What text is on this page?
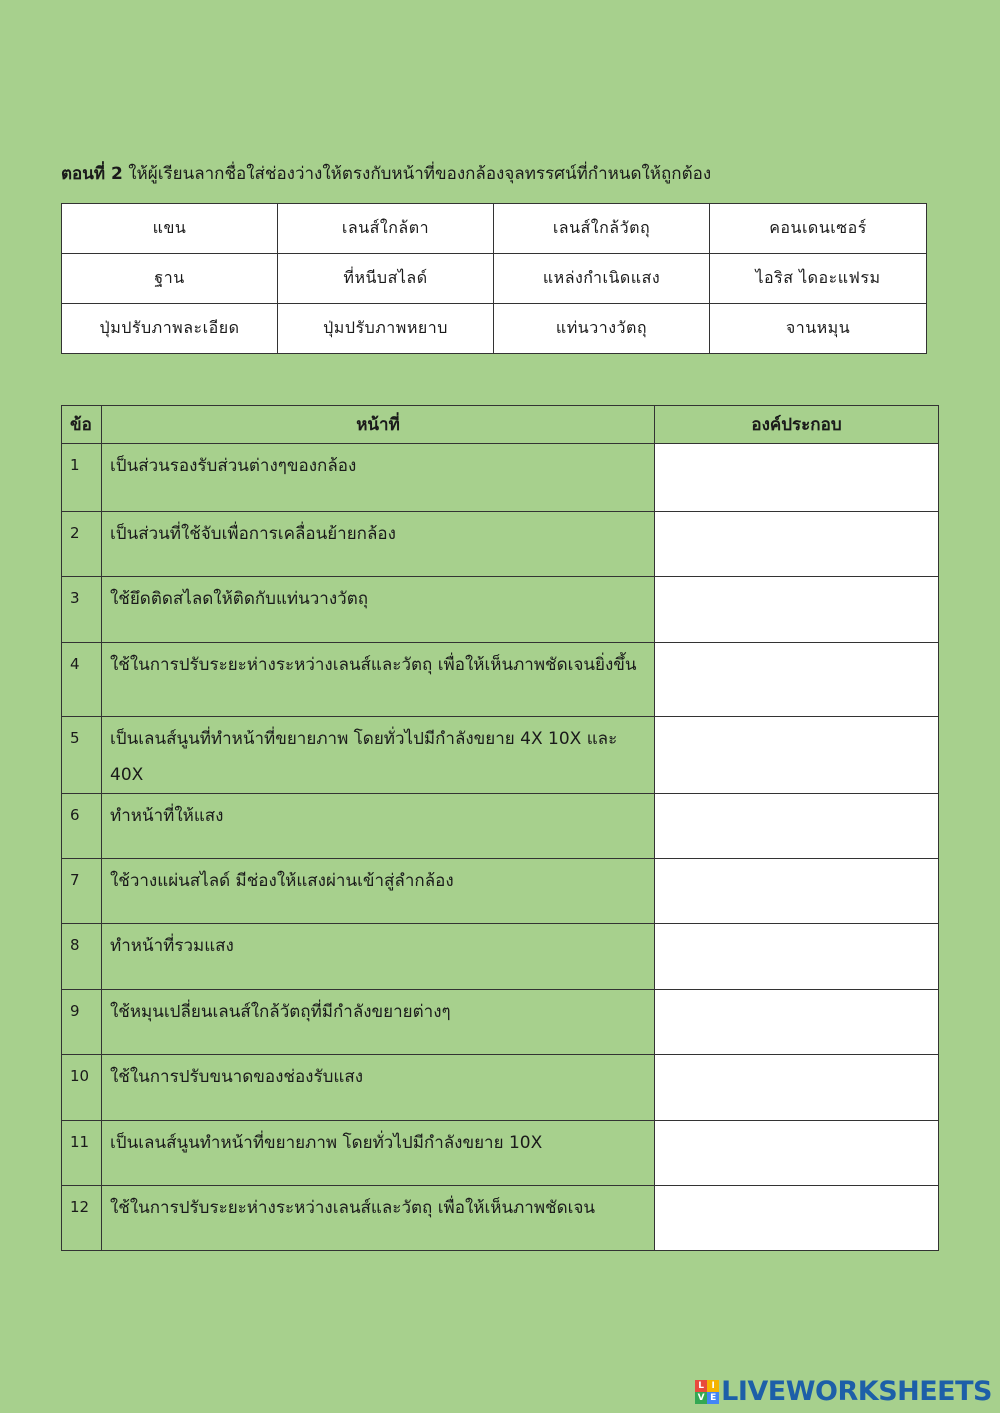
ตอนที่ 2 ให้ผู้เรียนลากชื่อใส่ช่องว่างให้ตรงกับหน้าที่ของกล้องจุลทรรศน์ที่กำหนดให้ถูกต้อง
แขน	เลนส์ใกล้ตา	เลนส์ใกล้วัตถุ	คอนเดนเซอร์
ฐาน	ที่หนีบสไลด์	แหล่งกำเนิดแสง	ไอริส ไดอะแฟรม
ปุ่มปรับภาพละเอียด	ปุ่มปรับภาพหยาบ	แท่นวางวัตถุ	จานหมุน
ข้อ	หน้าที่	องค์ประกอบ
1	เป็นส่วนรองรับส่วนต่างๆของกล้อง	
2	เป็นส่วนที่ใช้จับเพื่อการเคลื่อนย้ายกล้อง	
3	ใช้ยึดติดสไลดให้ติดกับแท่นวางวัตถุ	
4	ใช้ในการปรับระยะห่างระหว่างเลนส์และวัตถุ เพื่อให้เห็นภาพชัดเจนยิ่งขึ้น	
5	เป็นเลนส์นูนที่ทำหน้าที่ขยายภาพ โดยทั่วไปมีกำลังขยาย 4X 10X และ 40X	
6	ทำหน้าที่ให้แสง	
7	ใช้วางแผ่นสไลด์ มีช่องให้แสงผ่านเข้าสู่ลำกล้อง	
8	ทำหน้าที่รวมแสง	
9	ใช้หมุนเปลี่ยนเลนส์ใกล้วัตถุที่มีกำลังขยายต่างๆ	
10	ใช้ในการปรับขนาดของช่องรับแสง	
11	เป็นเลนส์นูนทำหน้าที่ขยายภาพ โดยทั่วไปมีกำลังขยาย 10X	
12	ใช้ในการปรับระยะห่างระหว่างเลนส์และวัตถุ เพื่อให้เห็นภาพชัดเจน	
L I
V E LIVEWORKSHEETS
